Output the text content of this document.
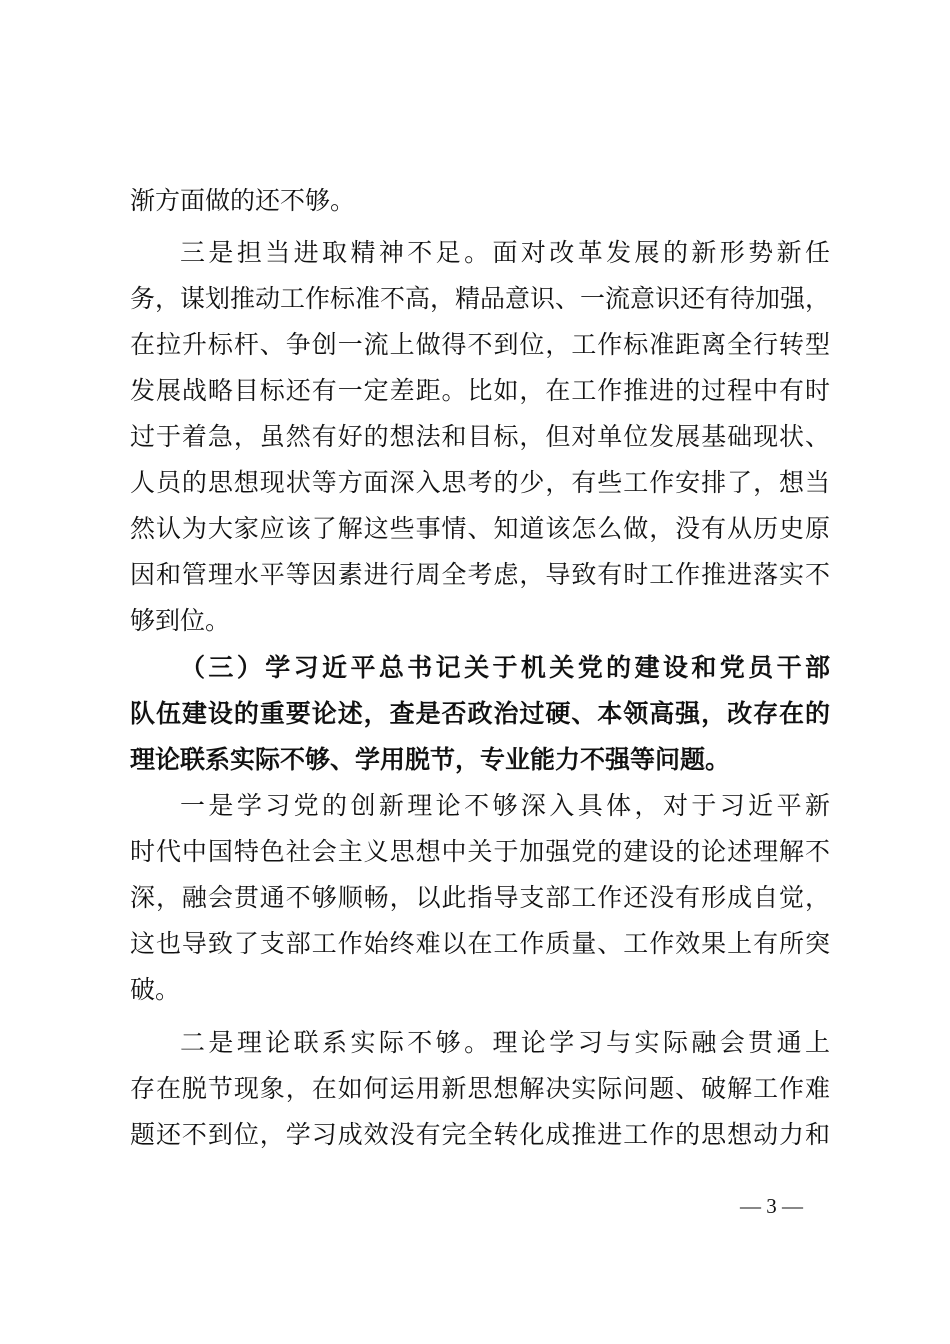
渐方面做的还不够。
三是担当进取精神不足。面对改革发展的新形势新任
务，谋划推动工作标准不高，精品意识、一流意识还有待加强，
在拉升标杆、争创一流上做得不到位，工作标准距离全行转型
发展战略目标还有一定差距。比如，在工作推进的过程中有时
过于着急，虽然有好的想法和目标，但对单位发展基础现状、
人员的思想现状等方面深入思考的少，有些工作安排了，想当
然认为大家应该了解这些事情、知道该怎么做，没有从历史原
因和管理水平等因素进行周全考虑，导致有时工作推进落实不
够到位。
（三）学习近平总书记关于机关党的建设和党员干部
队伍建设的重要论述，查是否政治过硬、本领高强，改存在的
理论联系实际不够、学用脱节，专业能力不强等问题。
一是学习党的创新理论不够深入具体，对于习近平新
时代中国特色社会主义思想中关于加强党的建设的论述理解不
深，融会贯通不够顺畅，以此指导支部工作还没有形成自觉，
这也导致了支部工作始终难以在工作质量、工作效果上有所突
破。
二是理论联系实际不够。理论学习与实际融会贯通上
存在脱节现象，在如何运用新思想解决实际问题、破解工作难
题还不到位，学习成效没有完全转化成推进工作的思想动力和
— 3 —
